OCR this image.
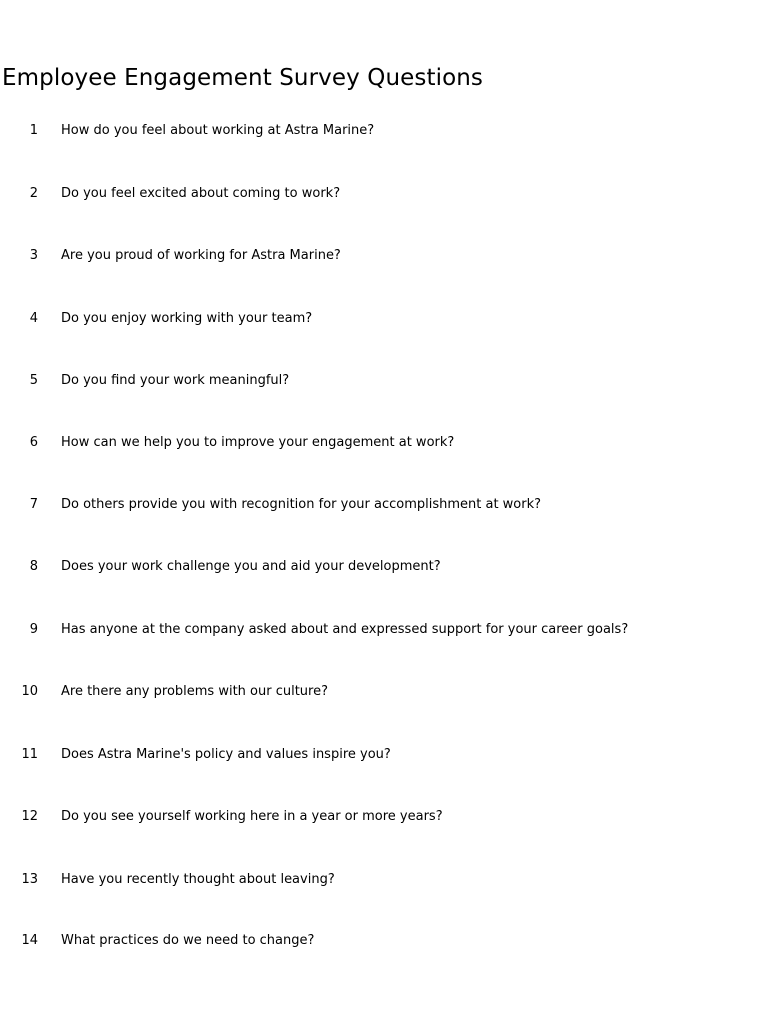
Employee Engagement Survey Questions
1 How do you feel about working at Astra Marine?
2 Do you feel excited about coming to work?
3 Are you proud of working for Astra Marine?
4 Do you enjoy working with your team?
5 Do you find your work meaningful?
6 How can we help you to improve your engagement at work?
7 Do others provide you with recognition for your accomplishment at work?
8 Does your work challenge you and aid your development?
9 Has anyone at the company asked about and expressed support for your career goals?
10 Are there any problems with our culture?
11 Does Astra Marine's policy and values inspire you?
12 Do you see yourself working here in a year or more years?
13 Have you recently thought about leaving?
14 What practices do we need to change?
